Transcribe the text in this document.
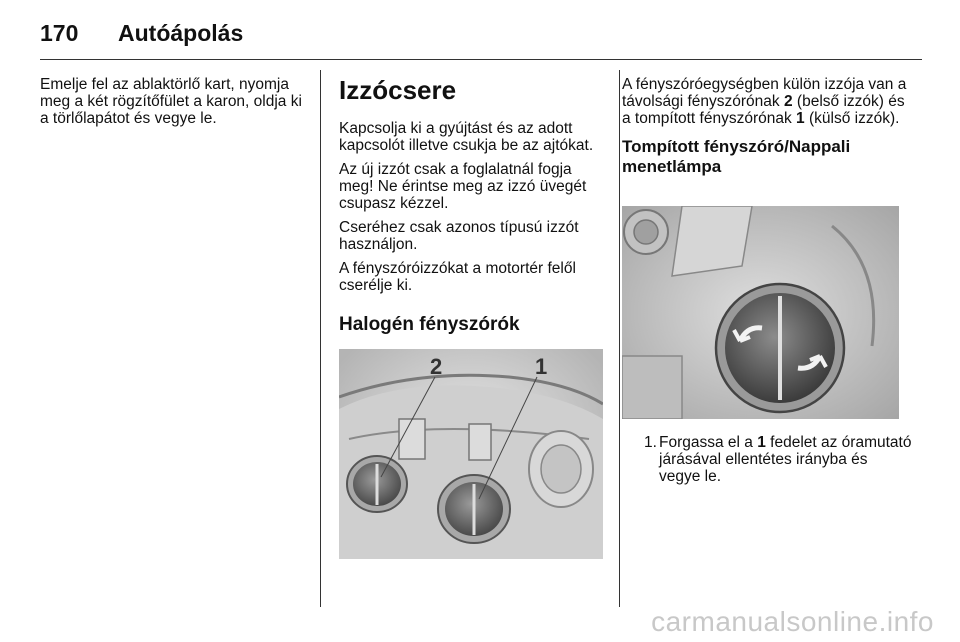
170 Autóápolás

Emelje fel az ablaktörlő kart, nyomja meg a két rögzítőfület a karon, oldja ki a törlőlapátot és vegye le.

Izzócsere

Kapcsolja ki a gyújtást és az adott kapcsolót illetve csukja be az ajtókat.

Az új izzót csak a foglalatnál fogja meg! Ne érintse meg az izzó üvegét csupasz kézzel.

Cseréhez csak azonos típusú izzót használjon.

A fényszóróizzókat a motortér felől cserélje ki.

Halogén fényszórók
2	1

A fényszóróegységben külön izzója van a távolsági fényszórónak 2 (belső izzók) és a tompított fényszórónak 1 (külső izzók).

Tompított fényszóró/Nappali menetlámpa
1. Forgassa el a 1 fedelet az óramutató járásával ellentétes irányba és vegye le.
carmanualsonline.info
